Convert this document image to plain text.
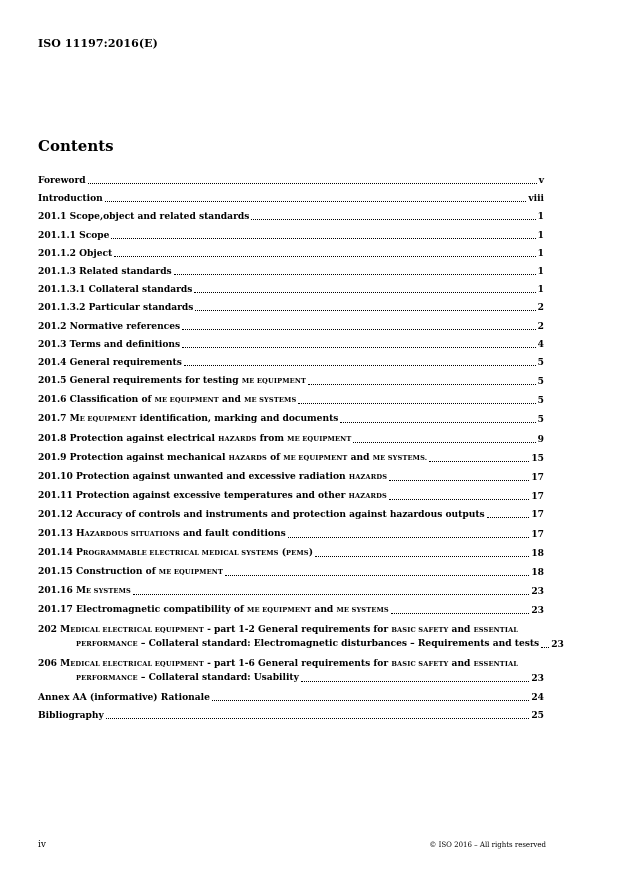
ISO 11197:2016(E)
Contents
Foreword	v
Introduction	viii
201.1 Scope,object and related standards	1
201.1.1 Scope	1
201.1.2 Object	1
201.1.3 Related standards	1
201.1.3.1 Collateral standards	1
201.1.3.2 Particular standards	2
201.2 Normative references	2
201.3 Terms and definitions	4
201.4 General requirements	5
201.5 General requirements for testing ME EQUIPMENT	5
201.6 Classification of ME EQUIPMENT and ME SYSTEMS	5
201.7 ME EQUIPMENT identification, marking and documents	5
201.8 Protection against electrical HAZARDS from ME EQUIPMENT	9
201.9 Protection against mechanical HAZARDS of ME EQUIPMENT and ME SYSTEMS.	15
201.10 Protection against unwanted and excessive radiation HAZARDS	17
201.11 Protection against excessive temperatures and other HAZARDS	17
201.12 Accuracy of controls and instruments and protection against hazardous outputs	17
201.13 HAZARDOUS SITUATIONS and fault conditions	17
201.14 PROGRAMMABLE ELECTRICAL MEDICAL SYSTEMS (PEMS)	18
201.15 Construction of ME EQUIPMENT	18
201.16 ME SYSTEMS	23
201.17 Electromagnetic compatibility of ME EQUIPMENT and ME SYSTEMS	23
202 MEDICAL ELECTRICAL EQUIPMENT - part 1-2 General requirements for BASIC SAFETY and ESSENTIAL
PERFORMANCE – Collateral standard: Electromagnetic disturbances – Requirements and tests 23
206 MEDICAL ELECTRICAL EQUIPMENT - part 1-6 General requirements for BASIC SAFETY and ESSENTIAL
PERFORMANCE – Collateral standard: Usability	23
Annex AA (informative) Rationale	24
Bibliography	25
iv	© ISO 2016 – All rights reserved
